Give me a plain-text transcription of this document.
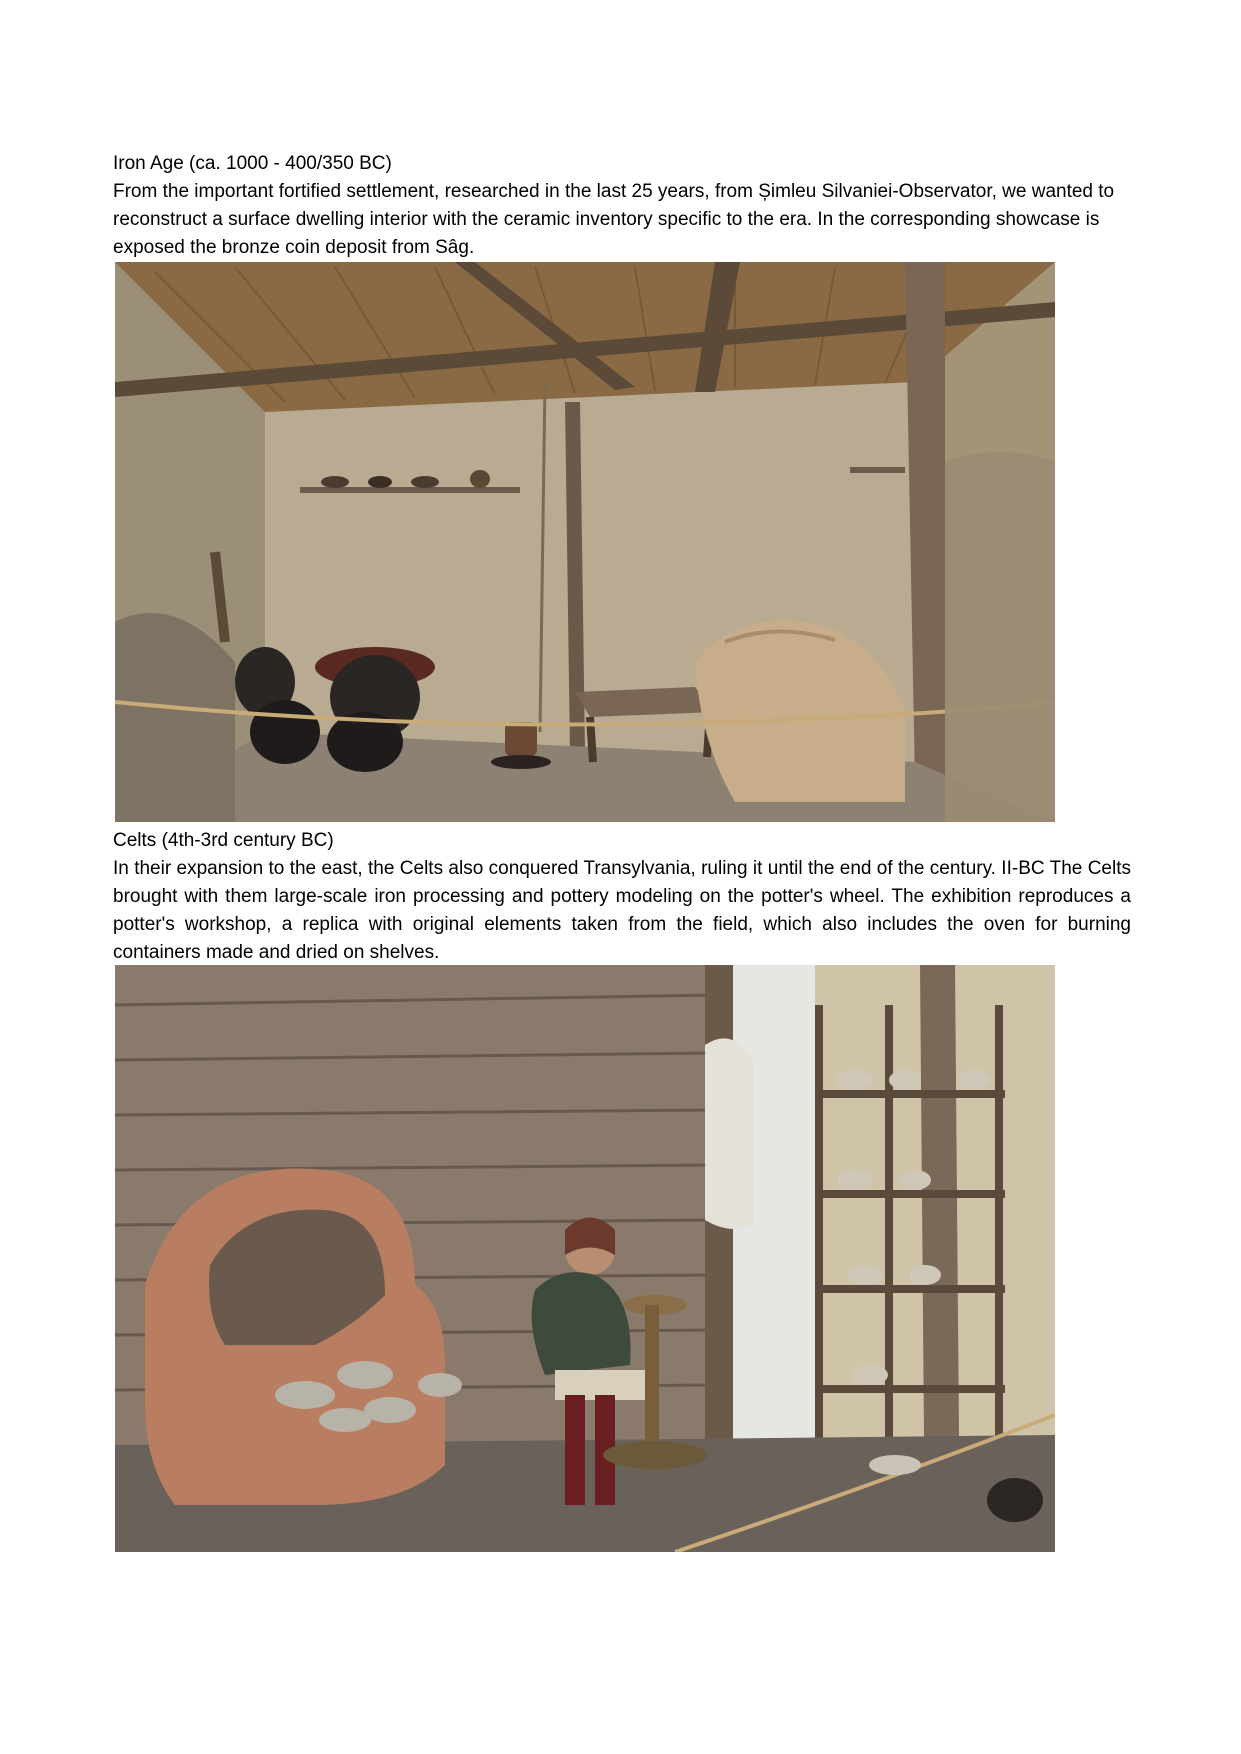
Iron Age (ca. 1000 - 400/350 BC)
From the important fortified settlement, researched in the last 25 years, from Șimleu Silvaniei-Observator, we wanted to reconstruct a surface dwelling interior with the ceramic inventory specific to the era. In the corresponding showcase is exposed the bronze coin deposit from Sâg.
Celts (4th-3rd century BC)
In their expansion to the east, the Celts also conquered Transylvania, ruling it until the end of the century. II-BC The Celts brought with them large-scale iron processing and pottery modeling on the potter's wheel. The exhibition reproduces a potter's workshop, a replica with original elements taken from the field, which also includes the oven for burning containers made and dried on shelves.
